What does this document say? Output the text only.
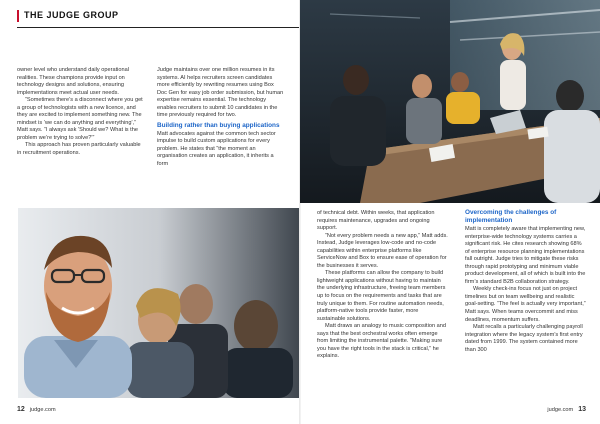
THE JUDGE GROUP

owner level who understand daily operational realities. These champions provide input on technology designs and solutions, ensuring implementations meet actual user needs.

“Sometimes there’s a disconnect where you get a group of technologists with a new licence, and they are excited to implement something new. The mindset is ‘we can do anything and everything’,” Matt says. “I always ask ‘Should we? What is the problem we’re trying to solve?’”

This approach has proven particularly valuable in recruitment operations.

Judge maintains over one million resumes in its systems. AI helps recruiters screen candidates more efficiently by rewriting resumes using Box Doc Gen for easy job order submission, but human expertise remains essential. The technology enables recruiters to submit 10 candidates in the time previously required for two.

Building rather than buying applications

Matt advocates against the common tech sector impulse to build custom applications for every problem. He states that “the moment an organisation creates an application, it inherits a form

12 judge.com

of technical debt. Within weeks, that application requires maintenance, upgrades and ongoing support.

“Not every problem needs a new app,” Matt adds. Instead, Judge leverages low-code and no-code capabilities within enterprise platforms like ServiceNow and Box to ensure ease of operation for the businesses it serves.

These platforms can allow the company to build lightweight applications without having to maintain the underlying infrastructure, freeing team members up to focus on the requirements and tasks that are truly unique to them. For routine automation needs, platform-native tools provide faster, more sustainable solutions.

Matt draws an analogy to music composition and says that the best orchestral works often emerge from limiting the instrumental palette. “Making sure you have the right tools in the stack is critical,” he explains.

Overcoming the challenges of implementation

Matt is completely aware that implementing new, enterprise-wide technology systems carries a significant risk. He cites research showing 68% of enterprise resource planning implementations fall outright. Judge tries to mitigate these risks through rapid prototyping and minimum viable product development, all of which is built into the firm’s standard B2B collaboration strategy.

Weekly check-ins focus not just on project timelines but on team wellbeing and realistic goal-setting. “The feel is actually very important,” Matt says. When teams overcommit and miss deadlines, momentum suffers.

Matt recalls a particularly challenging payroll integration where the legacy system’s first entry dated from 1999. The system contained more than 300

judge.com 13
